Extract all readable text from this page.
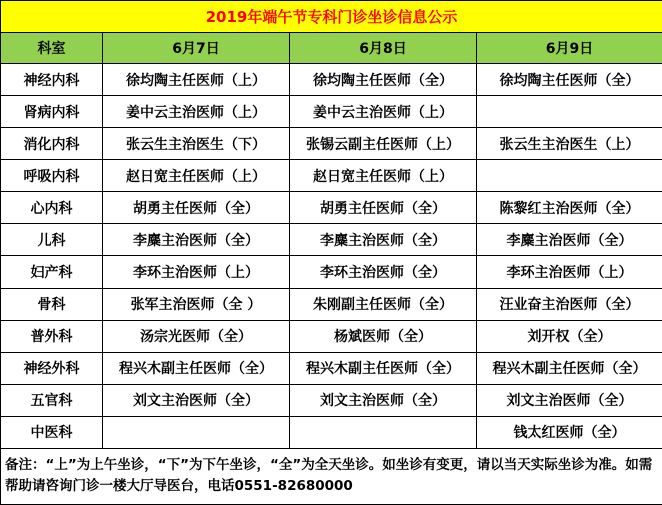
2019年端午节专科门诊坐诊信息公示			
科室	6月7日	6月8日	6月9日
神经内科	徐均陶主任医师（上）	徐均陶主任医师（全）	徐均陶主任医师（全）
肾病内科	姜中云主治医师（上）	姜中云主治医师（上）	
消化内科	张云生主治医生（下）	张锡云副主任医师（上）	张云生主治医生（上）
呼吸内科	赵日宽主任医师（上）	赵日宽主任医师（上）	
心内科	胡勇主任医师（全）	胡勇主任医师（全）	陈黎红主治医师（全）
儿科	李麋主治医师（全）	李麋主治医师（全）	李麋主治医师（全）
妇产科	李环主治医师（上）	李环主治医师（全）	李环主治医师（上）
骨科	张军主治医师（全 ）	朱刚副主任医师（全）	汪业奋主治医师（全）
普外科	汤宗光医师（全）	杨斌医师（全）	刘开权（全）
神经外科	程兴木副主任医师（全）	程兴木副主任医师（全）	程兴木副主任医师（全）
五官科	刘文主治医师（全）	刘文主治医师（全）	刘文主治医师（全）
中医科			钱太红医师（全）
备注：“上”为上午坐诊，“下”为下午坐诊，“全”为全天坐诊。如坐诊有变更，请以当天实际坐诊为准。如需帮助请咨询门诊一楼大厅导医台，电话0551-82680000			
